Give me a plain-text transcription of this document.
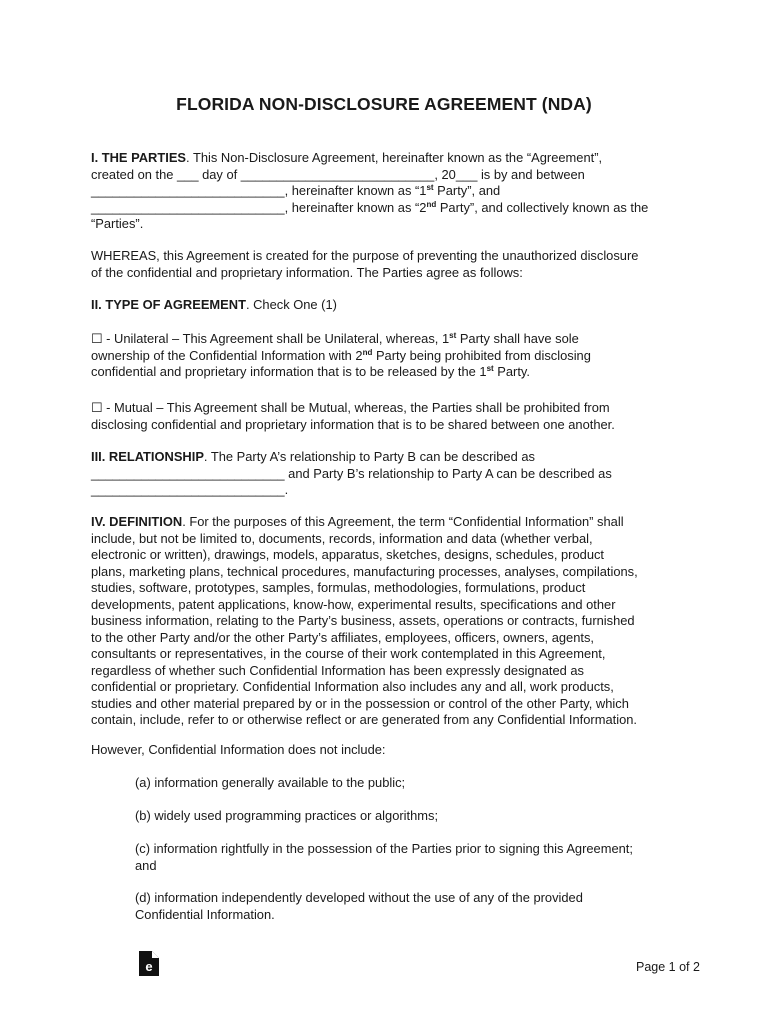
FLORIDA NON-DISCLOSURE AGREEMENT (NDA)

I. THE PARTIES. This Non-Disclosure Agreement, hereinafter known as the “Agreement”,

created on the ___ day of ___________________________, 20___ is by and between

___________________________, hereinafter known as “1st Party”, and

___________________________, hereinafter known as “2nd Party”, and collectively known as the

“Parties”.

WHEREAS, this Agreement is created for the purpose of preventing the unauthorized disclosure

of the confidential and proprietary information. The Parties agree as follows:

II. TYPE OF AGREEMENT. Check One (1)

☐ - Unilateral – This Agreement shall be Unilateral, whereas, 1st Party shall have sole

ownership of the Confidential Information with 2nd Party being prohibited from disclosing

confidential and proprietary information that is to be released by the 1st Party.

☐ - Mutual – This Agreement shall be Mutual, whereas, the Parties shall be prohibited from

disclosing confidential and proprietary information that is to be shared between one another.

III. RELATIONSHIP. The Party A’s relationship to Party B can be described as

___________________________ and Party B’s relationship to Party A can be described as

___________________________.

IV. DEFINITION. For the purposes of this Agreement, the term “Confidential Information” shall

include, but not be limited to, documents, records, information and data (whether verbal,

electronic or written), drawings, models, apparatus, sketches, designs, schedules, product

plans, marketing plans, technical procedures, manufacturing processes, analyses, compilations,

studies, software, prototypes, samples, formulas, methodologies, formulations, product

developments, patent applications, know-how, experimental results, specifications and other

business information, relating to the Party’s business, assets, operations or contracts, furnished

to the other Party and/or the other Party’s affiliates, employees, officers, owners, agents,

consultants or representatives, in the course of their work contemplated in this Agreement,

regardless of whether such Confidential Information has been expressly designated as

confidential or proprietary. Confidential Information also includes any and all, work products,

studies and other material prepared by or in the possession or control of the other Party, which

contain, include, refer to or otherwise reflect or are generated from any Confidential Information.

However, Confidential Information does not include:

(a) information generally available to the public;

(b) widely used programming practices or algorithms;

(c) information rightfully in the possession of the Parties prior to signing this Agreement;

and

(d) information independently developed without the use of any of the provided

Confidential Information.

e	Page 1 of 2
